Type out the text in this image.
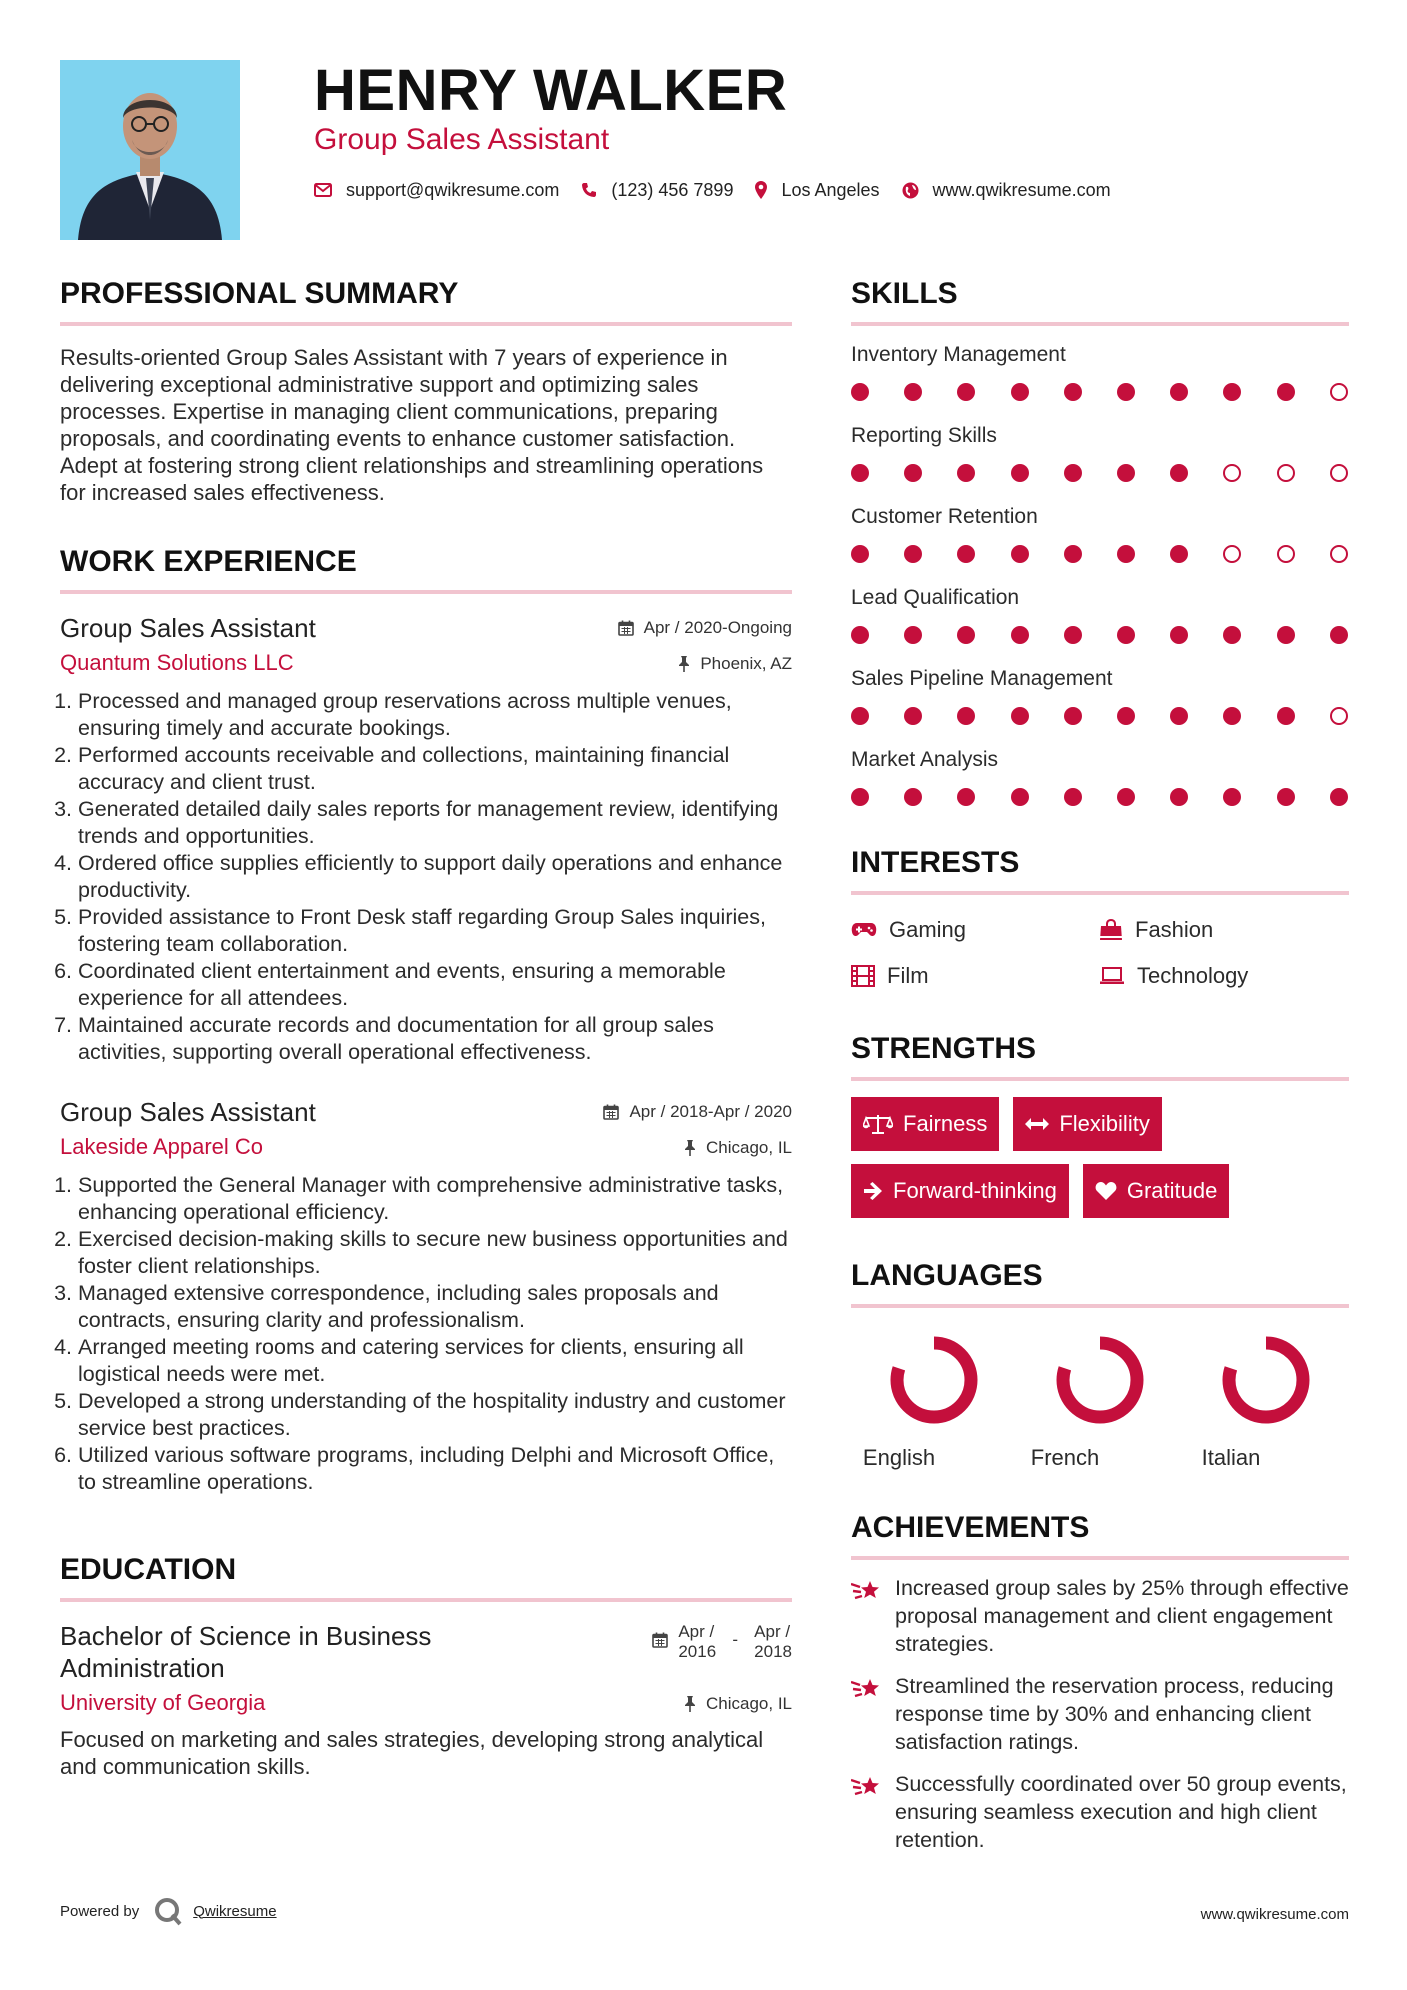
HENRY WALKER
Group Sales Assistant
support@qwikresume.com	(123) 456 7899	Los Angeles	www.qwikresume.com
PROFESSIONAL SUMMARY
Results-oriented Group Sales Assistant with 7 years of experience in delivering exceptional administrative support and optimizing sales processes. Expertise in managing client communications, preparing proposals, and coordinating events to enhance customer satisfaction. Adept at fostering strong client relationships and streamlining operations for increased sales effectiveness.
WORK EXPERIENCE
Group Sales Assistant	Apr / 2020-Ongoing
Quantum Solutions LLC	Phoenix, AZ
1. Processed and managed group reservations across multiple venues, ensuring timely and accurate bookings.
2. Performed accounts receivable and collections, maintaining financial accuracy and client trust.
3. Generated detailed daily sales reports for management review, identifying trends and opportunities.
4. Ordered office supplies efficiently to support daily operations and enhance productivity.
5. Provided assistance to Front Desk staff regarding Group Sales inquiries, fostering team collaboration.
6. Coordinated client entertainment and events, ensuring a memorable experience for all attendees.
7. Maintained accurate records and documentation for all group sales activities, supporting overall operational effectiveness.
Group Sales Assistant	Apr / 2018-Apr / 2020
Lakeside Apparel Co	Chicago, IL
1. Supported the General Manager with comprehensive administrative tasks, enhancing operational efficiency.
2. Exercised decision-making skills to secure new business opportunities and foster client relationships.
3. Managed extensive correspondence, including sales proposals and contracts, ensuring clarity and professionalism.
4. Arranged meeting rooms and catering services for clients, ensuring all logistical needs were met.
5. Developed a strong understanding of the hospitality industry and customer service best practices.
6. Utilized various software programs, including Delphi and Microsoft Office, to streamline operations.
EDUCATION
Bachelor of Science in Business
Administration
Apr /
2016
- Apr /
2018
University of Georgia	Chicago, IL
Focused on marketing and sales strategies, developing strong analytical and communication skills.
SKILLS
Inventory Management
Reporting Skills
Customer Retention
Lead Qualification
Sales Pipeline Management
Market Analysis
INTERESTS
Gaming	Fashion
Film	Technology
STRENGTHS
Fairness	Flexibility
Forward-thinking	Gratitude
LANGUAGES
English	French	Italian
ACHIEVEMENTS
Increased group sales by 25% through effective proposal management and client engagement strategies.
Streamlined the reservation process, reducing response time by 30% and enhancing client satisfaction ratings.
Successfully coordinated over 50 group events, ensuring seamless execution and high client retention.
Powered by	Qwikresume	www.qwikresume.com
